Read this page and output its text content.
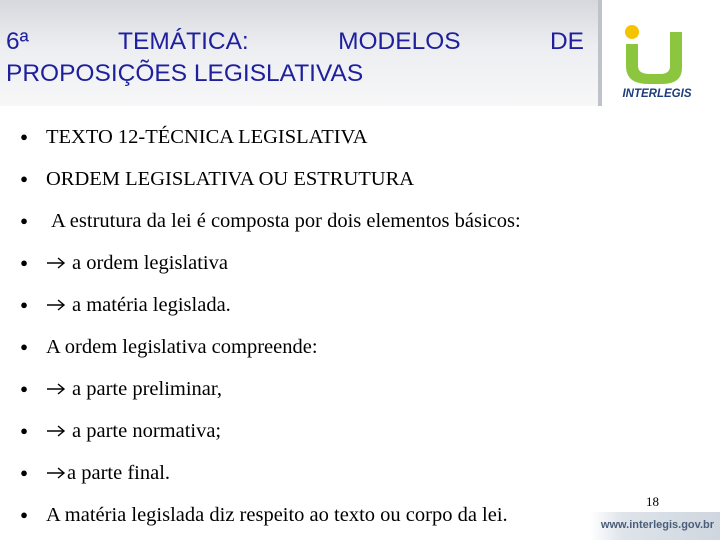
6ª	TEMÁTICA:	MODELOS	DE
PROPOSIÇÕES LEGISLATIVAS
INTERLEGIS
● TEXTO 12-TÉCNICA LEGISLATIVA
● ORDEM LEGISLATIVA OU ESTRUTURA
● A estrutura da lei é composta por dois elementos básicos:
● a ordem legislativa
● a matéria legislada.
● A ordem legislativa compreende:
● a parte preliminar,
● a parte normativa;
● a parte final.
● A matéria legislada diz respeito ao texto ou corpo da lei.
18
www.interlegis.gov.br
